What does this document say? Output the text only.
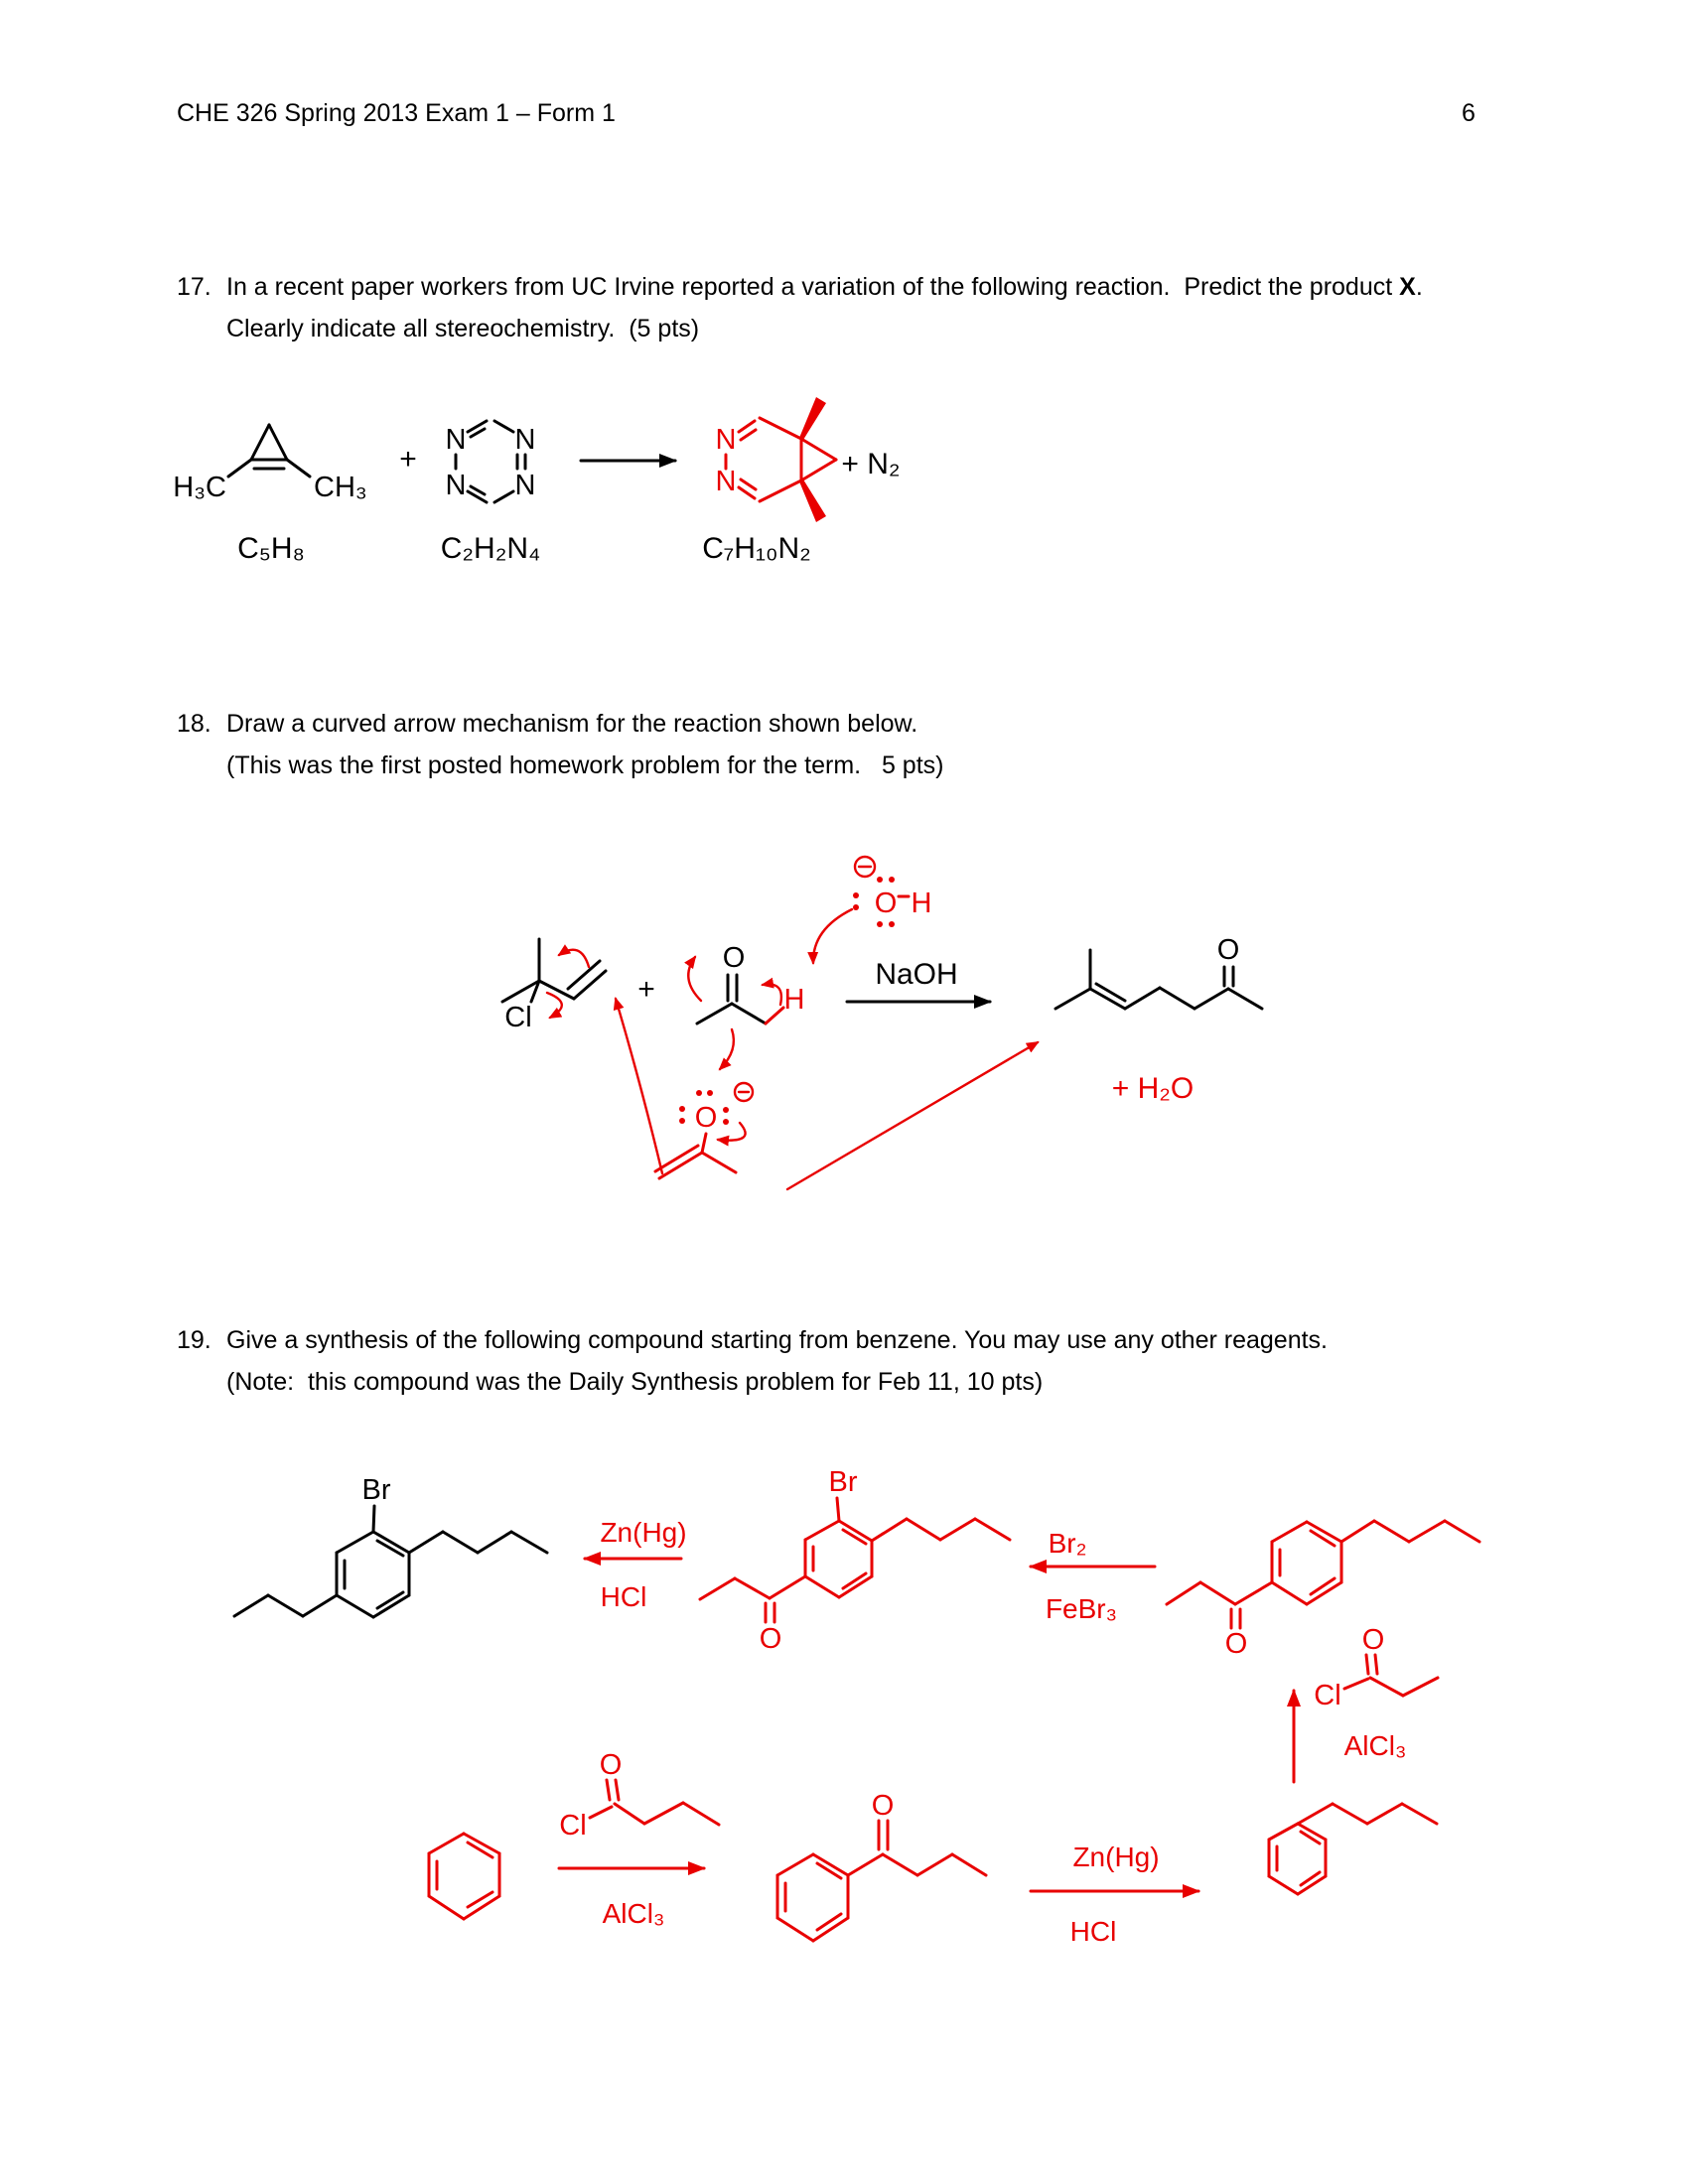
CHE 326 Spring 2013 Exam 1 – Form 1	6
17. In a recent paper workers from UC Irvine reported a variation of the following reaction.  Predict the product X.
Clearly indicate all stereochemistry.  (5 pts)
18. Draw a curved arrow mechanism for the reaction shown below.
(This was the first posted homework problem for the term.   5 pts)
19. Give a synthesis of the following compound starting from benzene. You may use any other reagents.
(Note:  this compound was the Daily Synthesis problem for Feb 11, 10 pts)
H₃C	CH₃
C₅H₈
+
N N
N N
C₂H₂N₄
N
N
C₇H₁₀N₂
+ N₂
Cl
+
O
H
O H
NaOH
O
+ H₂O
O
Br
Zn(Hg)
HCl
Br
O
Br₂
FeBr₃
O
Cl
O
AlCl₃
Cl
O
AlCl₃
O
Zn(Hg)
HCl
